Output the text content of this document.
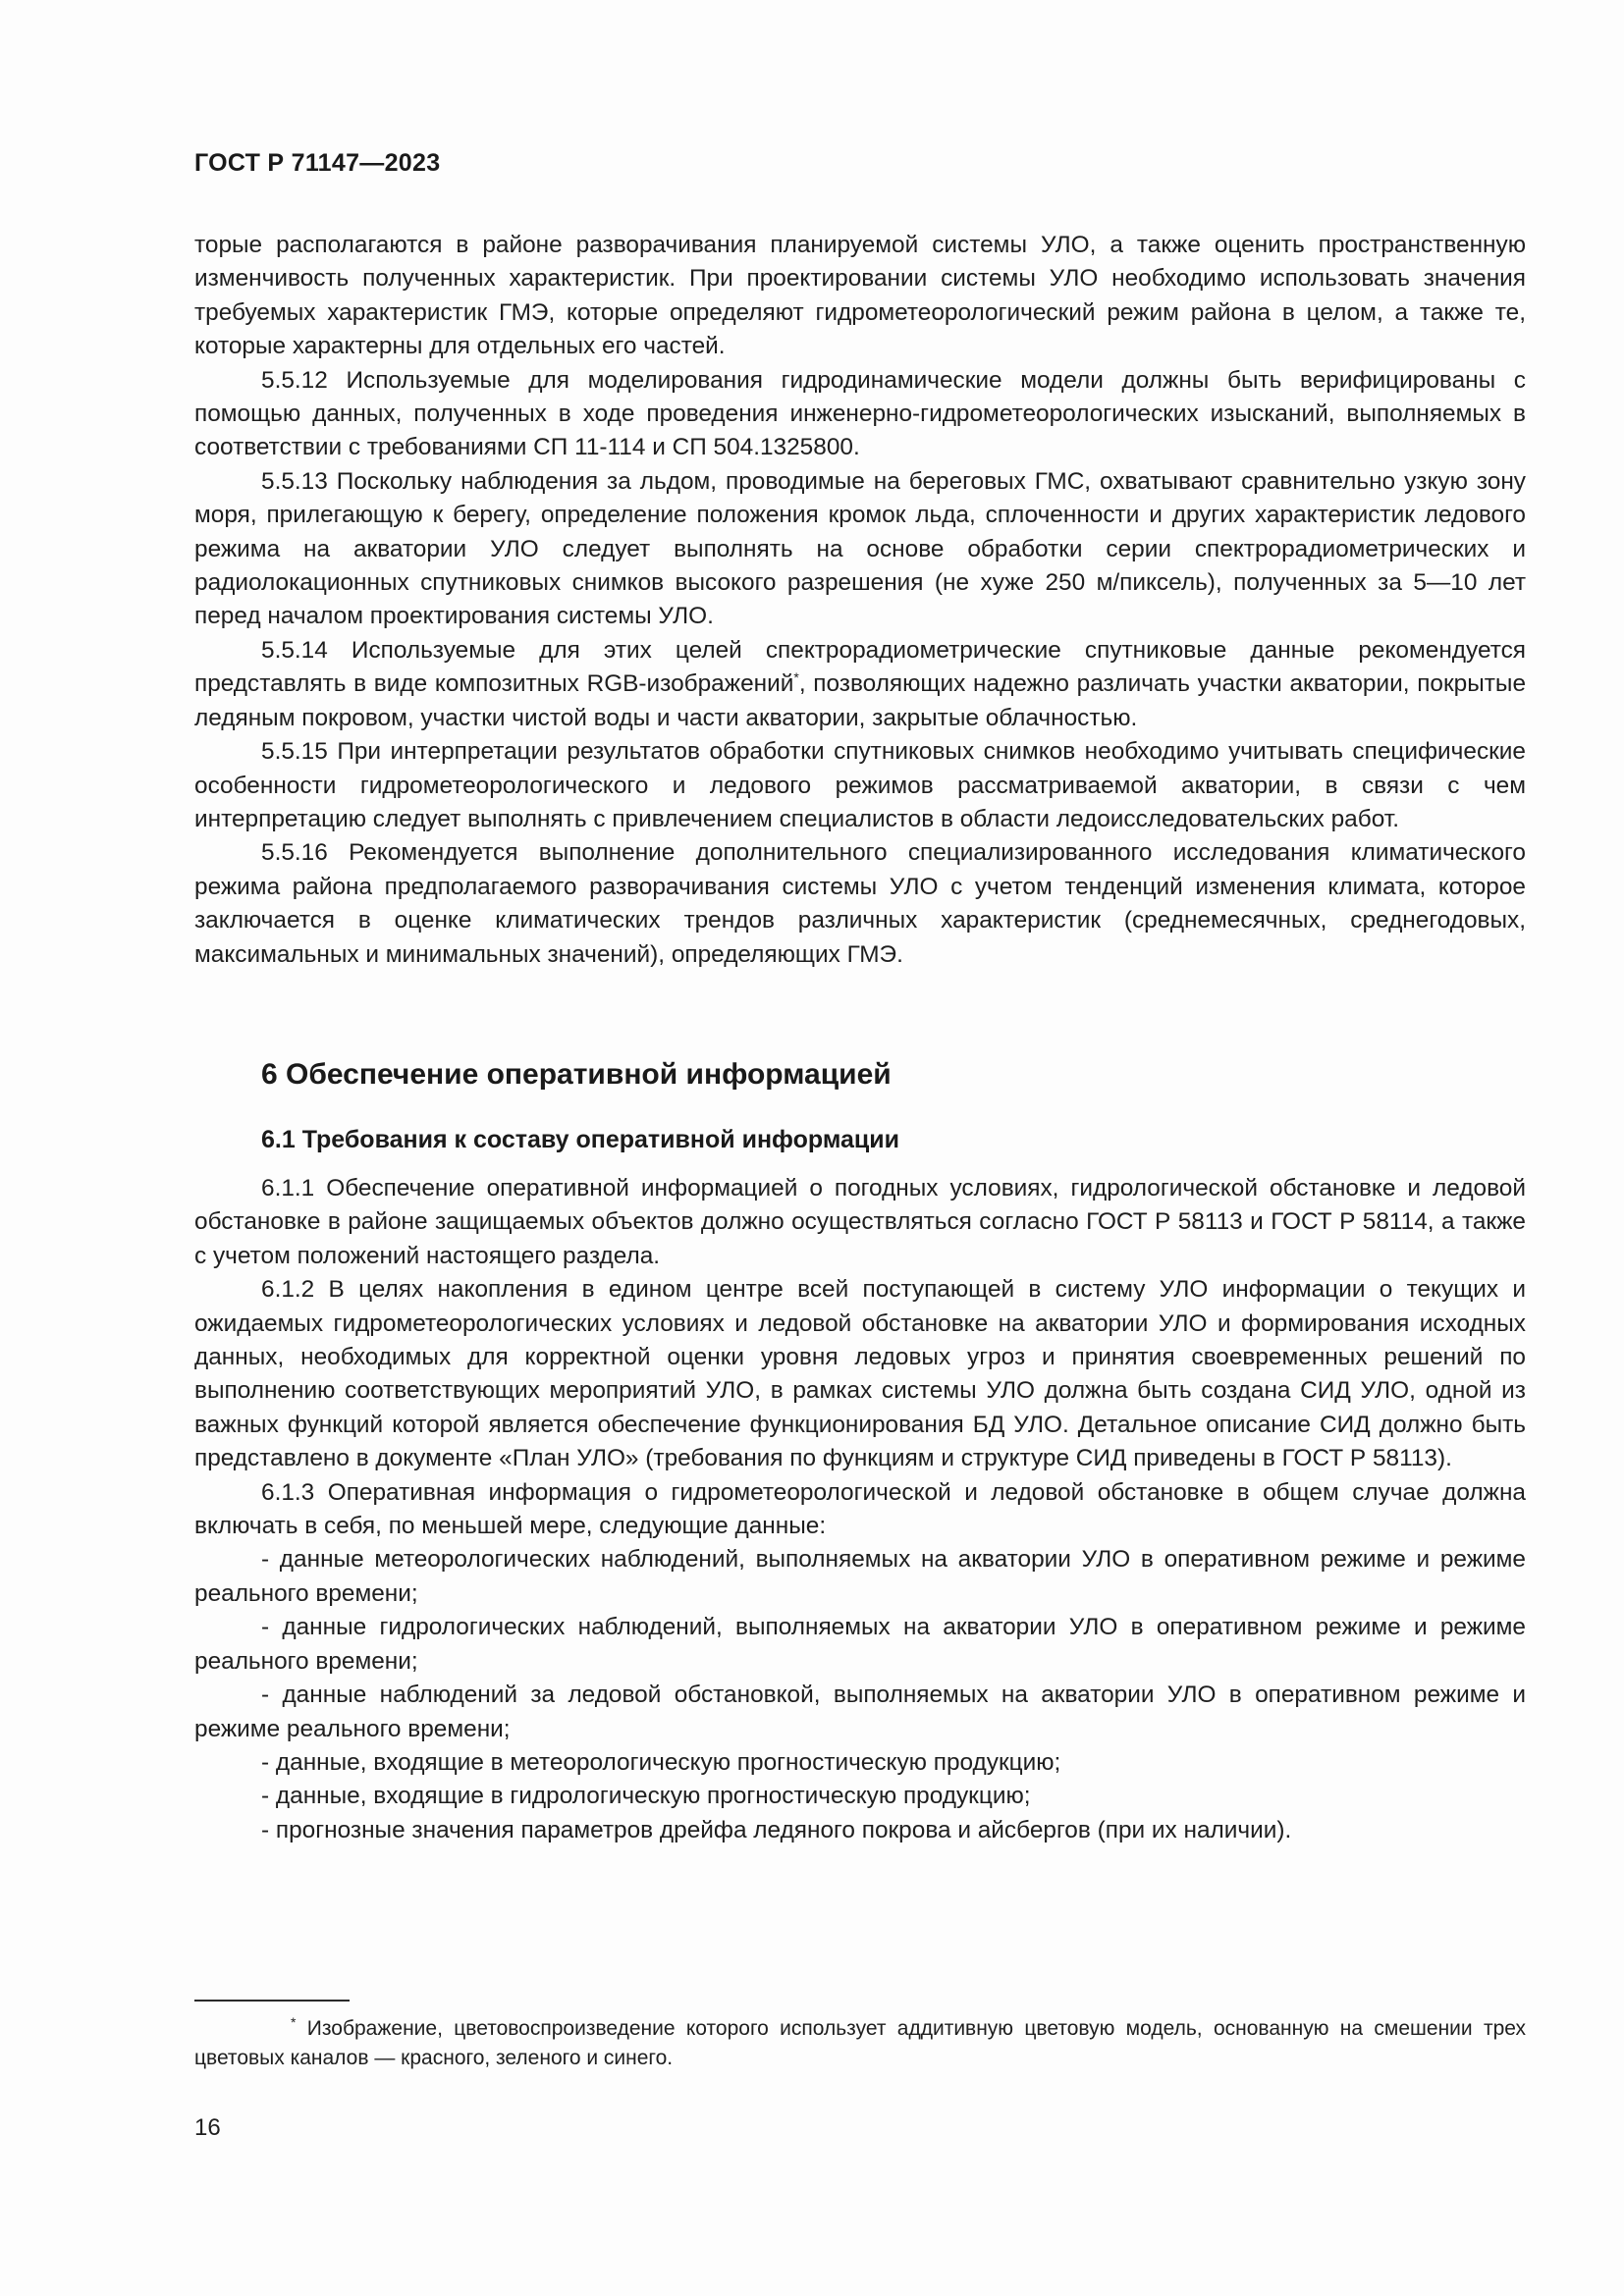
ГОСТ Р 71147—2023

торые располагаются в районе разворачивания планируемой системы УЛО, а также оценить пространственную изменчивость полученных характеристик. При проектировании системы УЛО необходимо использовать значения требуемых характеристик ГМЭ, которые определяют гидрометеорологический режим района в целом, а также те, которые характерны для отдельных его частей.

5.5.12 Используемые для моделирования гидродинамические модели должны быть верифицированы с помощью данных, полученных в ходе проведения инженерно-гидрометеорологических изысканий, выполняемых в соответствии с требованиями СП 11-114 и СП 504.1325800.

5.5.13 Поскольку наблюдения за льдом, проводимые на береговых ГМС, охватывают сравнительно узкую зону моря, прилегающую к берегу, определение положения кромок льда, сплоченности и других характеристик ледового режима на акватории УЛО следует выполнять на основе обработки серии спектрорадиометрических и радиолокационных спутниковых снимков высокого разрешения (не хуже 250 м/пиксель), полученных за 5—10 лет перед началом проектирования системы УЛО.

5.5.14 Используемые для этих целей спектрорадиометрические спутниковые данные рекомендуется представлять в виде композитных RGB-изображений*, позволяющих надежно различать участки акватории, покрытые ледяным покровом, участки чистой воды и части акватории, закрытые облачностью.

5.5.15 При интерпретации результатов обработки спутниковых снимков необходимо учитывать специфические особенности гидрометеорологического и ледового режимов рассматриваемой акватории, в связи с чем интерпретацию следует выполнять с привлечением специалистов в области ледоисследовательских работ.

5.5.16 Рекомендуется выполнение дополнительного специализированного исследования климатического режима района предполагаемого разворачивания системы УЛО с учетом тенденций изменения климата, которое заключается в оценке климатических трендов различных характеристик (среднемесячных, среднегодовых, максимальных и минимальных значений), определяющих ГМЭ.

6 Обеспечение оперативной информацией
6.1 Требования к составу оперативной информации

6.1.1 Обеспечение оперативной информацией о погодных условиях, гидрологической обстановке и ледовой обстановке в районе защищаемых объектов должно осуществляться согласно ГОСТ Р 58113 и ГОСТ Р 58114, а также с учетом положений настоящего раздела.

6.1.2 В целях накопления в едином центре всей поступающей в систему УЛО информации о текущих и ожидаемых гидрометеорологических условиях и ледовой обстановке на акватории УЛО и формирования исходных данных, необходимых для корректной оценки уровня ледовых угроз и принятия своевременных решений по выполнению соответствующих мероприятий УЛО, в рамках системы УЛО должна быть создана СИД УЛО, одной из важных функций которой является обеспечение функционирования БД УЛО. Детальное описание СИД должно быть представлено в документе «План УЛО» (требования по функциям и структуре СИД приведены в ГОСТ Р 58113).

6.1.3 Оперативная информация о гидрометеорологической и ледовой обстановке в общем случае должна включать в себя, по меньшей мере, следующие данные:

- данные метеорологических наблюдений, выполняемых на акватории УЛО в оперативном режиме и режиме реального времени;

- данные гидрологических наблюдений, выполняемых на акватории УЛО в оперативном режиме и режиме реального времени;

- данные наблюдений за ледовой обстановкой, выполняемых на акватории УЛО в оперативном режиме и режиме реального времени;

- данные, входящие в метеорологическую прогностическую продукцию;

- данные, входящие в гидрологическую прогностическую продукцию;

- прогнозные значения параметров дрейфа ледяного покрова и айсбергов (при их наличии).

* Изображение, цветовоспроизведение которого использует аддитивную цветовую модель, основанную на смешении трех цветовых каналов — красного, зеленого и синего.

16
